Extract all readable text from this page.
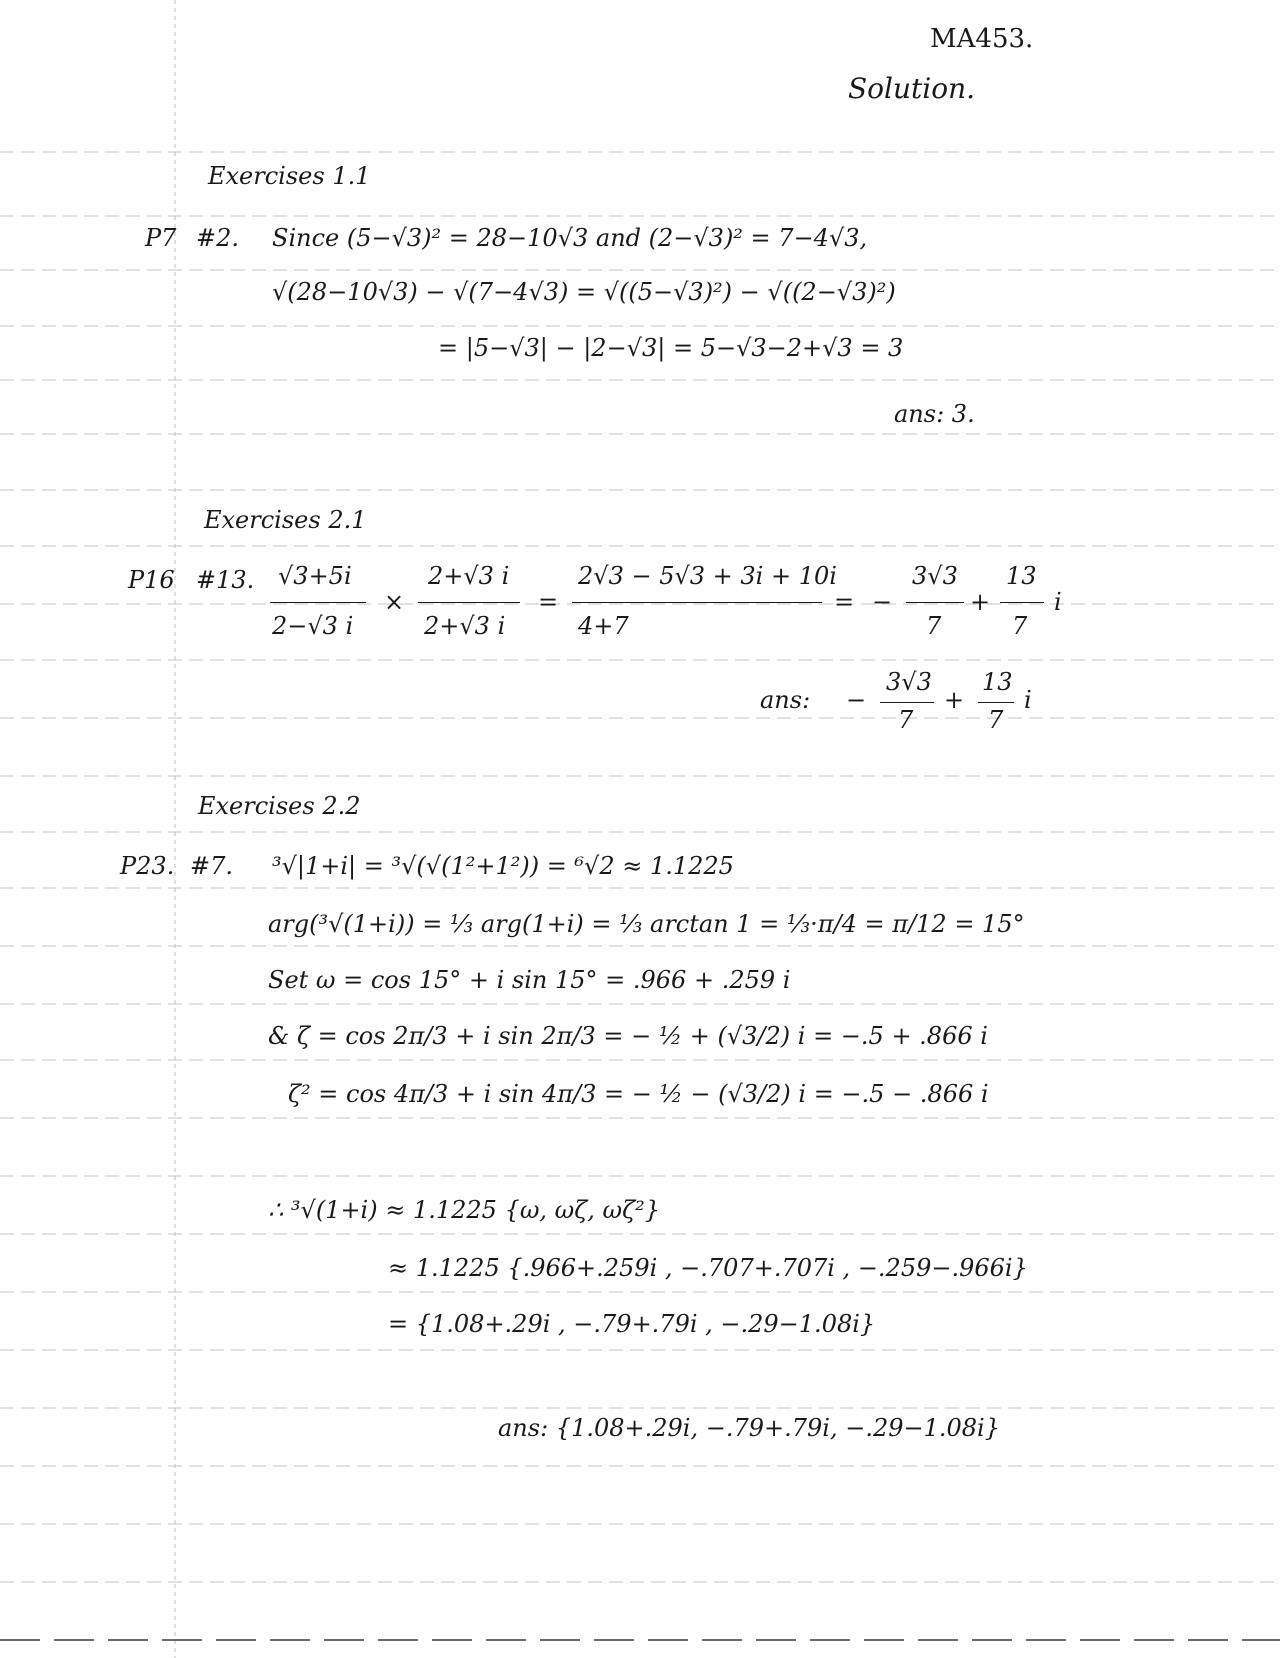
MA453.
Solution.
Exercises 1.1
P7 #2. Since (5−√3)² = 28−10√3 and (2−√3)² = 7−4√3,
√(28−10√3) − √(7−4√3) = √((5−√3)²) − √((2−√3)²)
= |5−√3| − |2−√3| = 5−√3−2+√3 = 3
ans: 3.
Exercises 2.1
P16 #13. √3+5i
2−√3 i
×
2+√3 i
2+√3 i
=
2√3 − 5√3 + 3i + 10i
4+7
= −
3√3
7
+
13
7
i
ans: −
3√3
7
+
13
7
i
Exercises 2.2
P23. #7. ³√|1+i| = ³√(√(1²+1²)) = ⁶√2 ≈ 1.1225
arg(³√(1+i)) = ⅓ arg(1+i) = ⅓ arctan 1 = ⅓·π/4 = π/12 = 15°
Set ω = cos 15° + i sin 15° = .966 + .259 i
& ζ = cos 2π/3 + i sin 2π/3 = − ½ + (√3/2) i = −.5 + .866 i
ζ² = cos 4π/3 + i sin 4π/3 = − ½ − (√3/2) i = −.5 − .866 i
∴ ³√(1+i) ≈ 1.1225 {ω, ωζ, ωζ²}
≈ 1.1225 {.966+.259i , −.707+.707i , −.259−.966i}
= {1.08+.29i , −.79+.79i , −.29−1.08i}
ans: {1.08+.29i, −.79+.79i, −.29−1.08i}
